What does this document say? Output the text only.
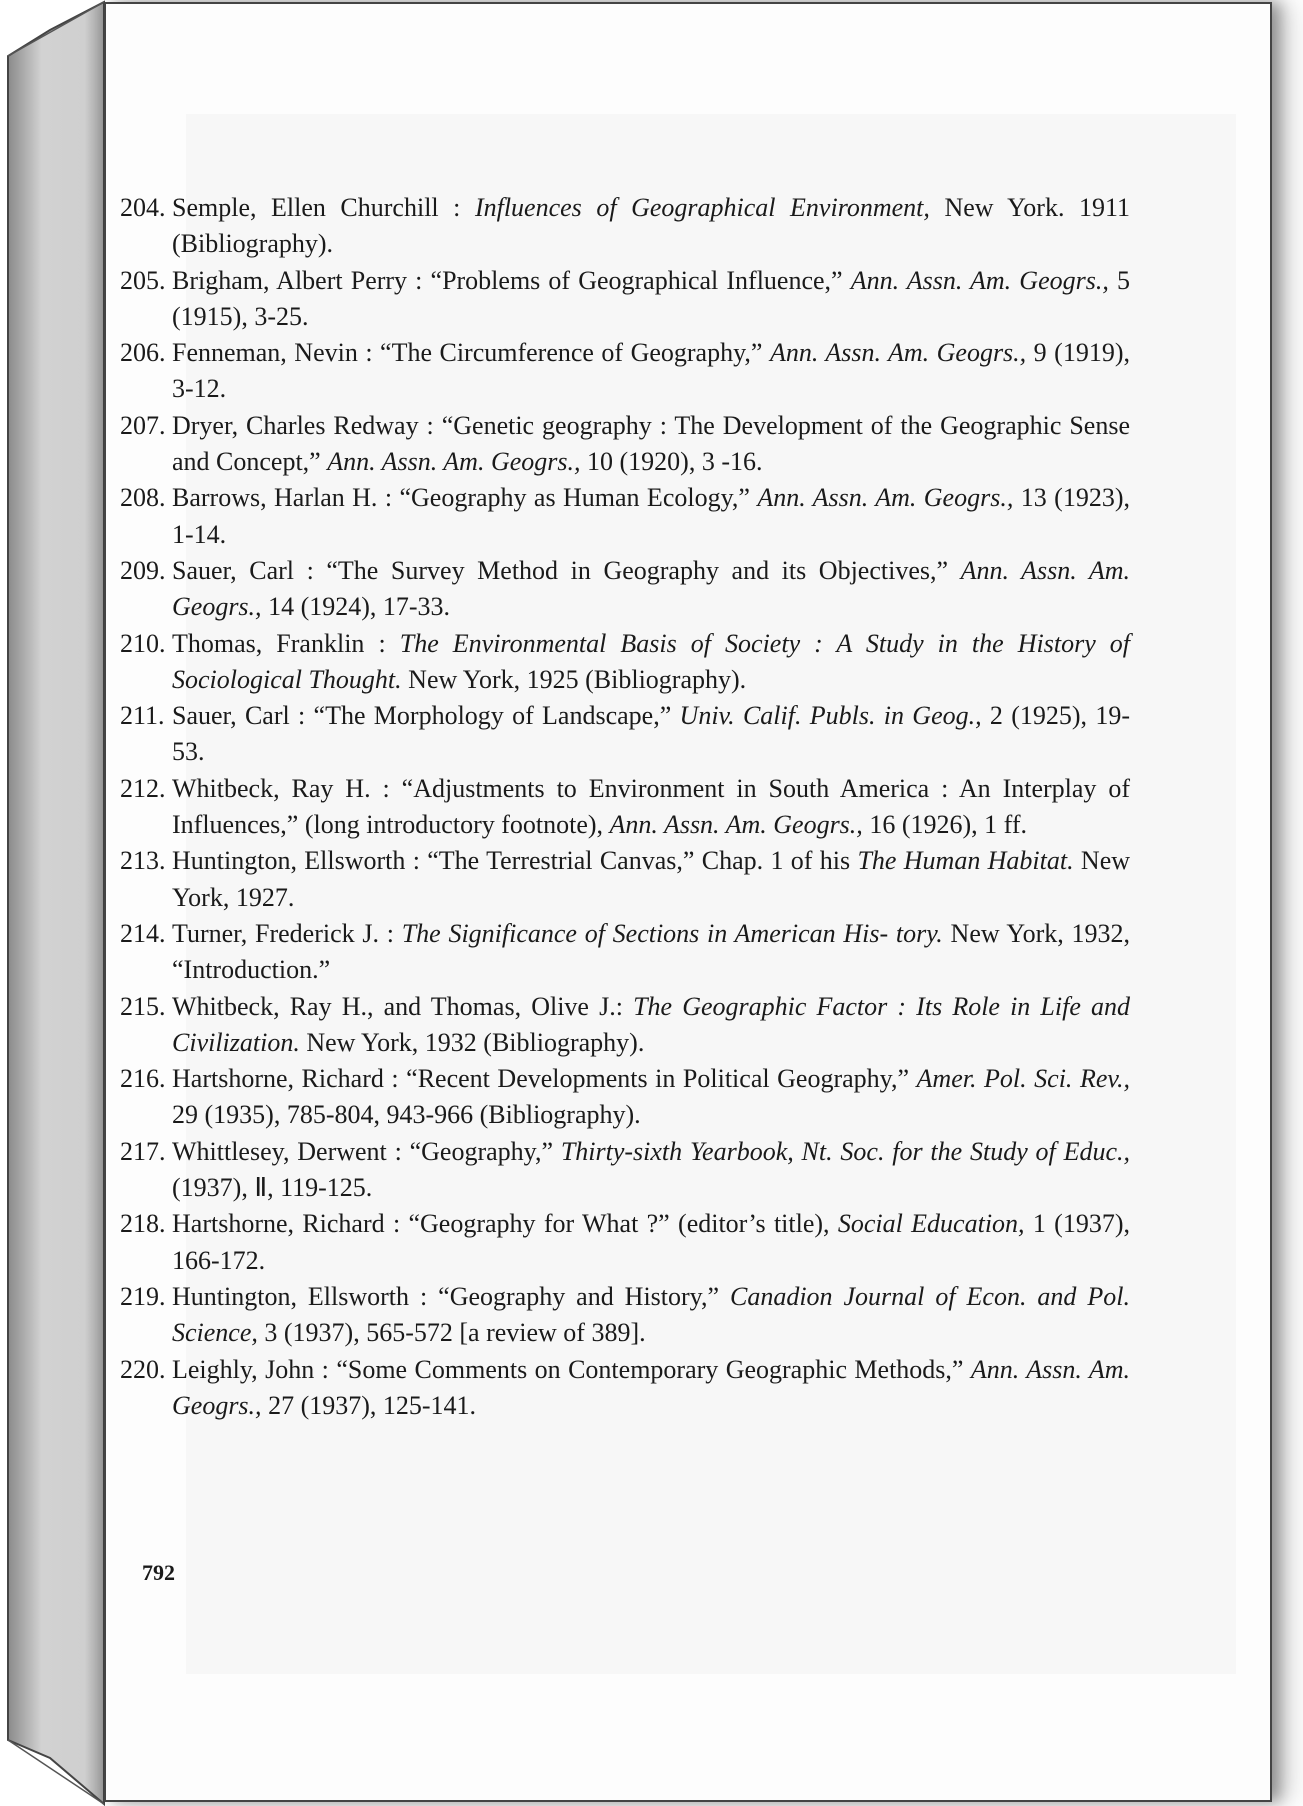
204. Semple, Ellen Churchill : Influences of Geographical Environment, New York. 1911 (Bibliography).
205. Brigham, Albert Perry : “Problems of Geographical Influence,” Ann. Assn. Am. Geogrs., 5 (1915), 3-25.
206. Fenneman, Nevin : “The Circumference of Geography,” Ann. Assn. Am. Geogrs., 9 (1919), 3-12.
207. Dryer, Charles Redway : “Genetic geography : The Development of the Geographic Sense and Concept,” Ann. Assn. Am. Geogrs., 10 (1920), 3 -16.
208. Barrows, Harlan H. : “Geography as Human Ecology,” Ann. Assn. Am. Geogrs., 13 (1923), 1-14.
209. Sauer, Carl : “The Survey Method in Geography and its Objectives,” Ann. Assn. Am. Geogrs., 14 (1924), 17-33.
210. Thomas, Franklin : The Environmental Basis of Society : A Study in the History of Sociological Thought. New York, 1925 (Bibliography).
211. Sauer, Carl : “The Morphology of Landscape,” Univ. Calif. Publs. in Geog., 2 (1925), 19-53.
212. Whitbeck, Ray H. : “Adjustments to Environment in South America : An Interplay of Influences,” (long introductory footnote), Ann. Assn. Am. Geogrs., 16 (1926), 1 ff.
213. Huntington, Ellsworth : “The Terrestrial Canvas,” Chap. 1 of his The Human Habitat. New York, 1927.
214. Turner, Frederick J. : The Significance of Sections in American His- tory. New York, 1932, “Introduction.”
215. Whitbeck, Ray H., and Thomas, Olive J.: The Geographic Factor : Its Role in Life and Civilization. New York, 1932 (Bibliography).
216. Hartshorne, Richard : “Recent Developments in Political Geography,” Amer. Pol. Sci. Rev., 29 (1935), 785-804, 943-966 (Bibliography).
217. Whittlesey, Derwent : “Geography,” Thirty-sixth Yearbook, Nt. Soc. for the Study of Educ., (1937), Ⅱ, 119-125.
218. Hartshorne, Richard : “Geography for What ?” (editor’s title), Social Education, 1 (1937), 166-172.
219. Huntington, Ellsworth : “Geography and History,” Canadion Journal of Econ. and Pol. Science, 3 (1937), 565-572 [a review of 389].
220. Leighly, John : “Some Comments on Contemporary Geographic Methods,” Ann. Assn. Am. Geogrs., 27 (1937), 125-141.
792
